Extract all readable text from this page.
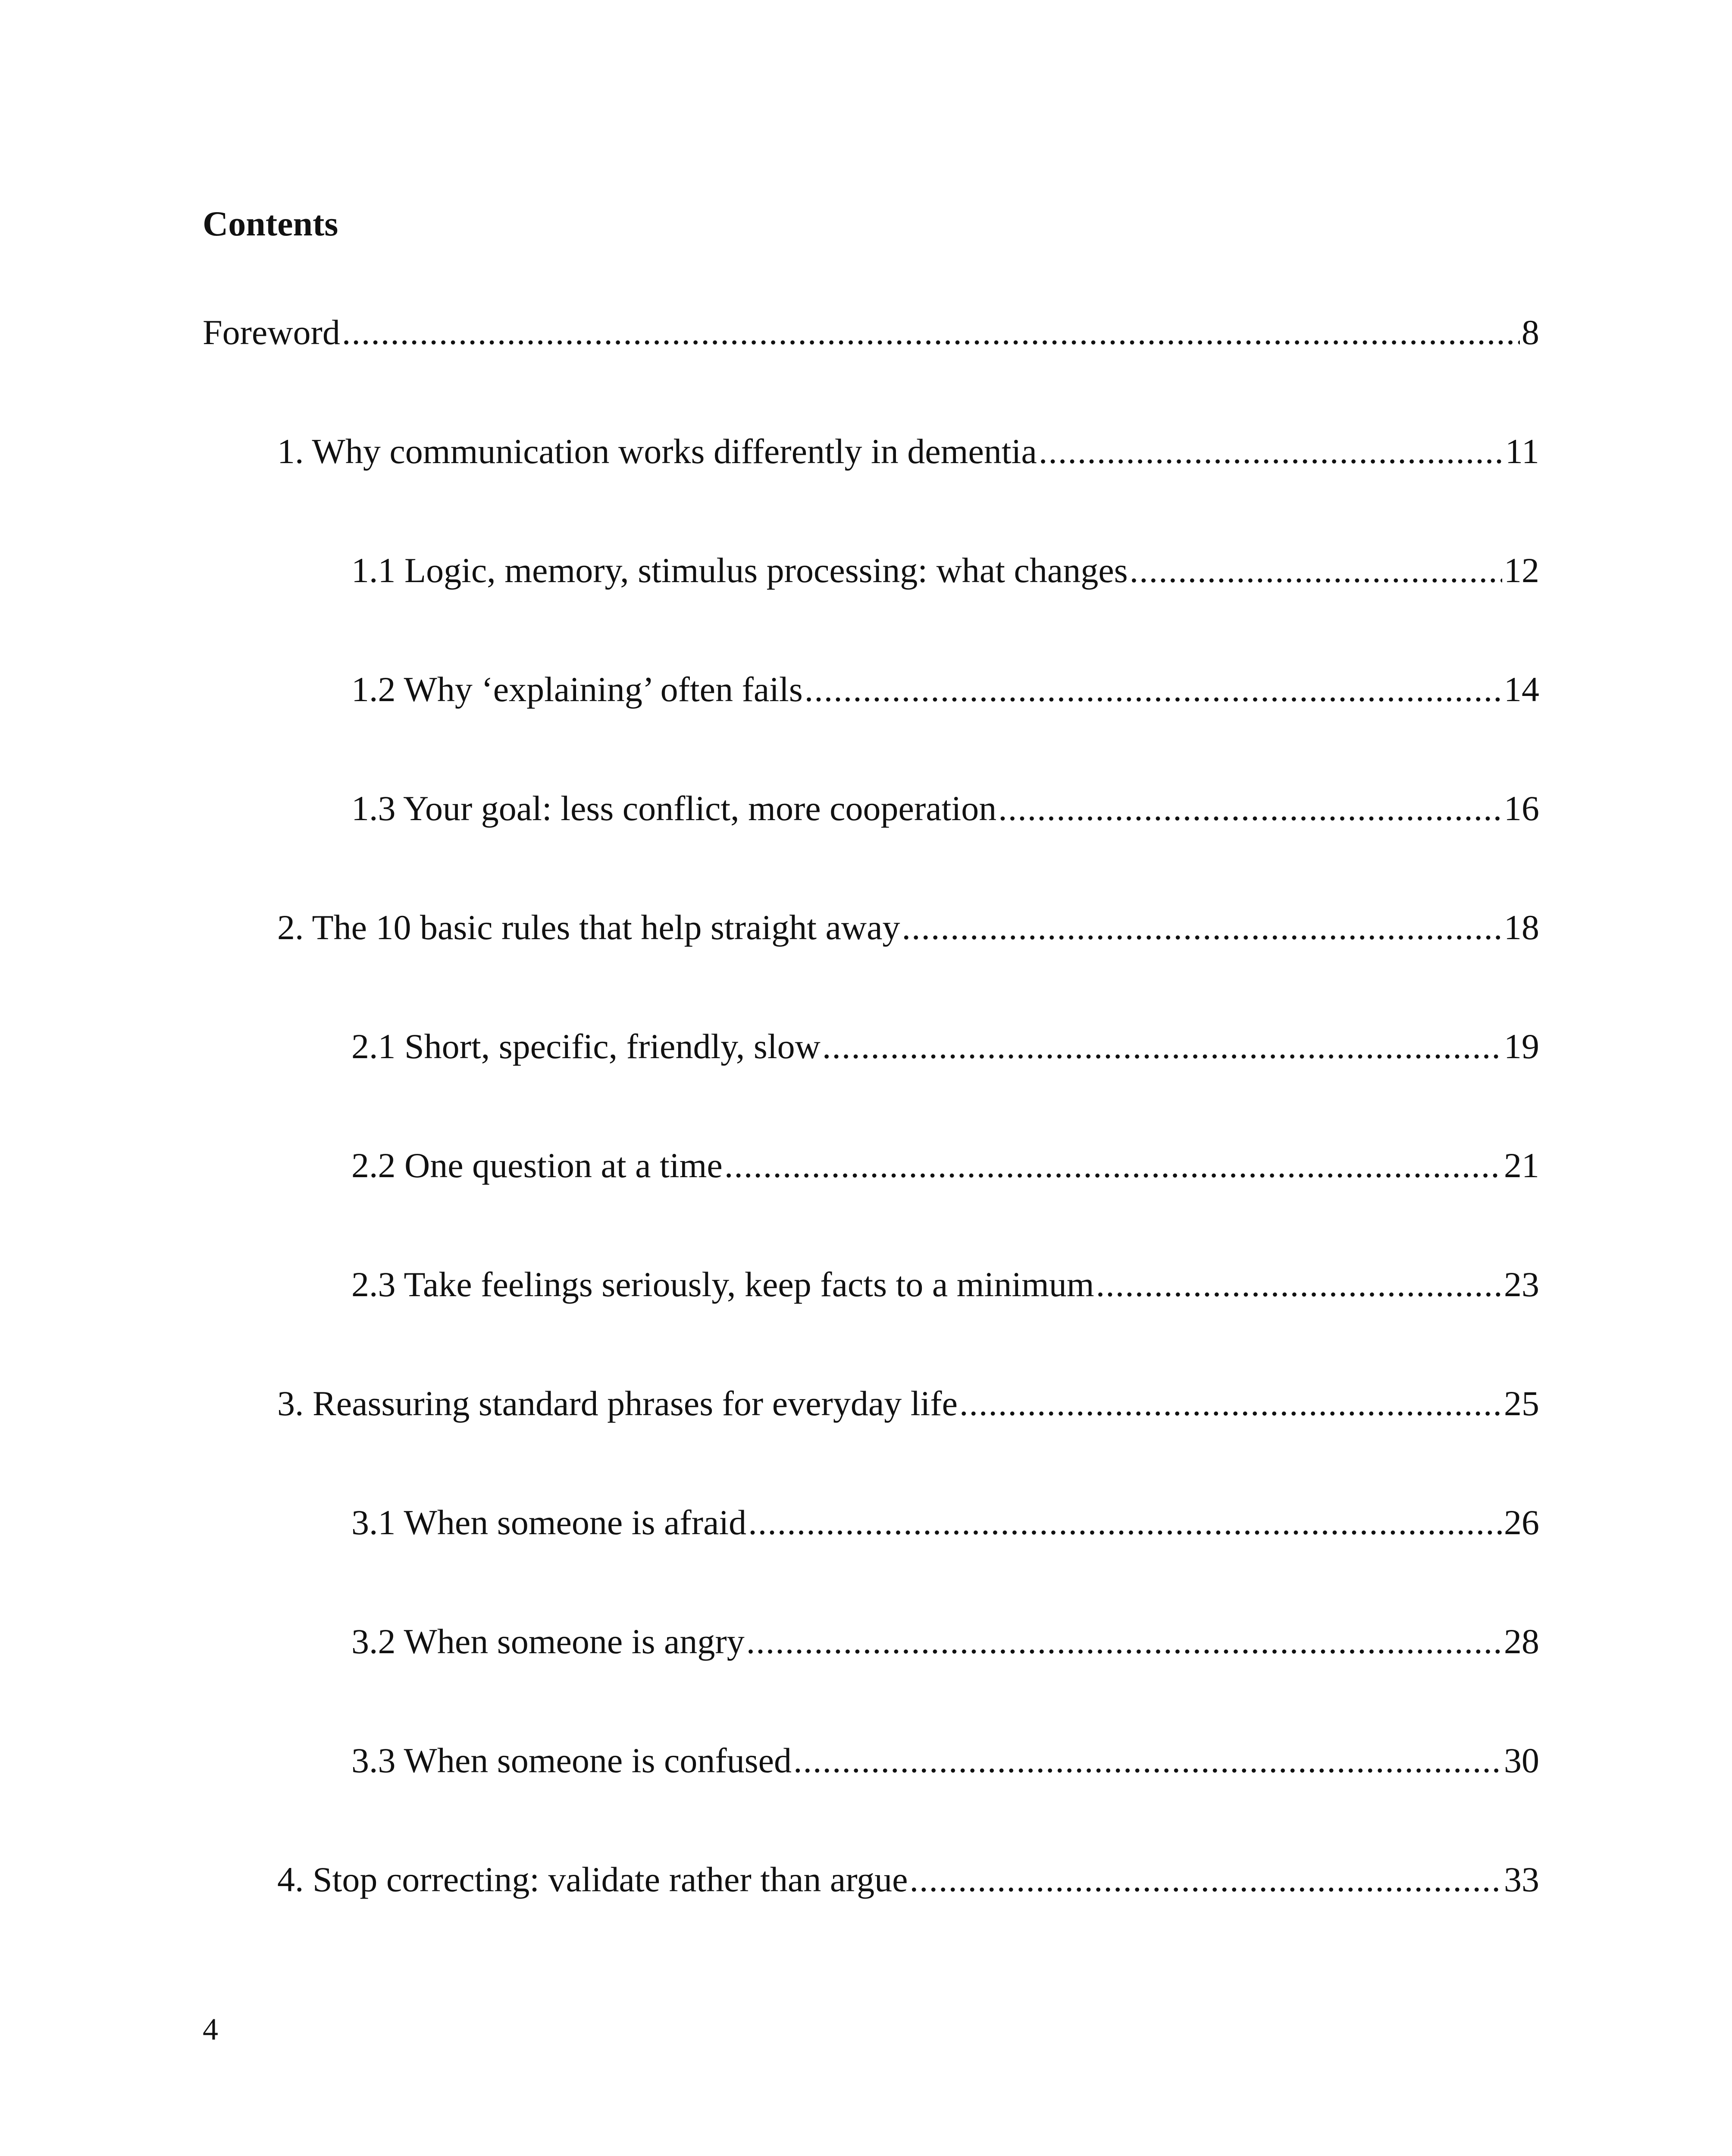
Contents
Foreword .....	8
1. Why communication works differently in dementia .....	11
1.1 Logic, memory, stimulus processing: what changes .....	12
1.2 Why ‘explaining’ often fails .....	14
1.3 Your goal: less conflict, more cooperation .....	16
2. The 10 basic rules that help straight away .....	18
2.1 Short, specific, friendly, slow .....	19
2.2 One question at a time .....	21
2.3 Take feelings seriously, keep facts to a minimum .....	23
3. Reassuring standard phrases for everyday life .....	25
3.1 When someone is afraid .....	26
3.2 When someone is angry .....	28
3.3 When someone is confused .....	30
4. Stop correcting: validate rather than argue .....	33
4
